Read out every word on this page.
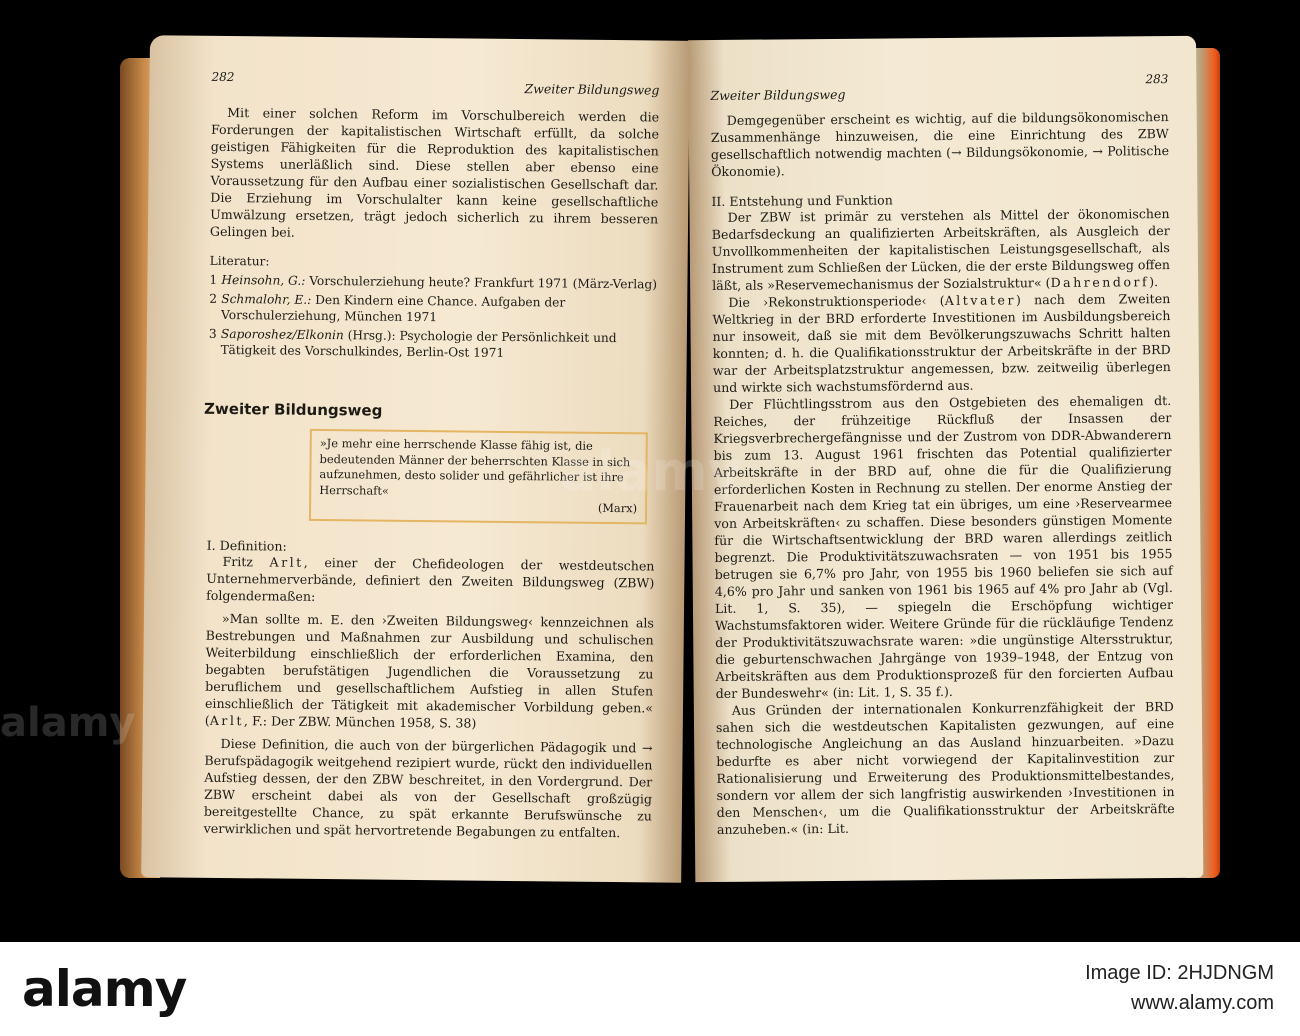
282
Zweiter Bildungsweg

Mit einer solchen Reform im Vorschulbereich werden die Forderungen der kapitalistischen Wirtschaft erfüllt, da solche geistigen Fähigkeiten für die Reproduktion des kapitalistischen Systems unerläßlich sind. Diese stellen aber ebenso eine Voraussetzung für den Aufbau einer sozialistischen Gesellschaft dar. Die Erziehung im Vorschulalter kann keine gesellschaftliche Umwälzung ersetzen, trägt jedoch sicherlich zu ihrem besseren Gelingen bei.

Literatur:
1 Heinsohn, G.: Vorschulerziehung heute? Frankfurt 1971 (März-Verlag)
2 Schmalohr, E.: Den Kindern eine Chance. Aufgaben der Vorschulerziehung, München 1971
3 Saporoshez/Elkonin (Hrsg.): Psychologie der Persönlichkeit und Tätigkeit des Vorschulkindes, Berlin-Ost 1971
Zweiter Bildungsweg
»Je mehr eine herrschende Klasse fähig ist, die bedeutenden Männer der beherrschten Klasse in sich aufzunehmen, desto solider und gefährlicher ist ihre Herrschaft«
(Marx)
I. Definition:

Fritz Arlt, einer der Chefideologen der westdeutschen Unternehmerverbände, definiert den Zweiten Bildungsweg (ZBW) folgendermaßen:

»Man sollte m. E. den ›Zweiten Bildungsweg‹ kennzeichnen als Bestrebungen und Maßnahmen zur Ausbildung und schulischen Weiterbildung einschließlich der erforderlichen Examina, den begabten berufstätigen Jugendlichen die Voraussetzung zu beruflichem und gesellschaftlichem Aufstieg in allen Stufen einschließlich der Tätigkeit mit akademischer Vorbildung geben.« (Arlt, F.: Der ZBW. München 1958, S. 38)

Diese Definition, die auch von der bürgerlichen Pädagogik und → Berufspädagogik weitgehend rezipiert wurde, rückt den individuellen Aufstieg dessen, der den ZBW beschreitet, in den Vordergrund. Der ZBW erscheint dabei als von der Gesellschaft großzügig bereitgestellte Chance, zu spät erkannte Berufswünsche zu verwirklichen und spät hervortretende Begabungen zu entfalten.

Zweiter Bildungsweg
283

Demgegenüber erscheint es wichtig, auf die bildungsökonomischen Zusammenhänge hinzuweisen, die eine Einrichtung des ZBW gesellschaftlich notwendig machten (→ Bildungsökonomie, → Politische Ökonomie).

II. Entstehung und Funktion

Der ZBW ist primär zu verstehen als Mittel der ökonomischen Bedarfsdeckung an qualifizierten Arbeitskräften, als Ausgleich der Unvollkommenheiten der kapitalistischen Leistungsgesellschaft, als Instrument zum Schließen der Lücken, die der erste Bildungsweg offen läßt, als »Reservemechanismus der Sozialstruktur« (Dahrendorf).

Die ›Rekonstruktionsperiode‹ (Altvater) nach dem Zweiten Weltkrieg in der BRD erforderte Investitionen im Ausbildungsbereich nur insoweit, daß sie mit dem Bevölkerungszuwachs Schritt halten konnten; d. h. die Qualifikationsstruktur der Arbeitskräfte in der BRD war der Arbeitsplatzstruktur angemessen, bzw. zeitweilig überlegen und wirkte sich wachstumsfördernd aus.

Der Flüchtlingsstrom aus den Ostgebieten des ehemaligen dt. Reiches, der frühzeitige Rückfluß der Insassen der Kriegsverbrechergefängnisse und der Zustrom von DDR-Abwanderern bis zum 13. August 1961 frischten das Potential qualifizierter Arbeitskräfte in der BRD auf, ohne die für die Qualifizierung erforderlichen Kosten in Rechnung zu stellen. Der enorme Anstieg der Frauenarbeit nach dem Krieg tat ein übriges, um eine ›Reservearmee von Arbeitskräften‹ zu schaffen. Diese besonders günstigen Momente für die Wirtschaftsentwicklung der BRD waren allerdings zeitlich begrenzt. Die Produktivitätszuwachsraten — von 1951 bis 1955 betrugen sie 6,7% pro Jahr, von 1955 bis 1960 beliefen sie sich auf 4,6% pro Jahr und sanken von 1961 bis 1965 auf 4% pro Jahr ab (Vgl. Lit. 1, S. 35), — spiegeln die Erschöpfung wichtiger Wachstumsfaktoren wider. Weitere Gründe für die rückläufige Tendenz der Produktivitätszuwachsrate waren: »die ungünstige Altersstruktur, die geburtenschwachen Jahrgänge von 1939–1948, der Entzug von Arbeitskräften aus dem Produktionsprozeß für den forcierten Aufbau der Bundeswehr« (in: Lit. 1, S. 35 f.).

Aus Gründen der internationalen Konkurrenzfähigkeit der BRD sahen sich die westdeutschen Kapitalisten gezwungen, auf eine technologische Angleichung an das Ausland hinzuarbeiten. »Dazu bedurfte es aber nicht vorwiegend der Kapitalinvestition zur Rationalisierung und Erweiterung des Produktionsmittelbestandes, sondern vor allem der sich langfristig auswirkenden ›Investitionen in den Menschen‹, um die Qualifikationsstruktur der Arbeitskräfte anzuheben.« (in: Lit.

alamy
alamy	Image ID: 2HJDNGM
www.alamy.com
